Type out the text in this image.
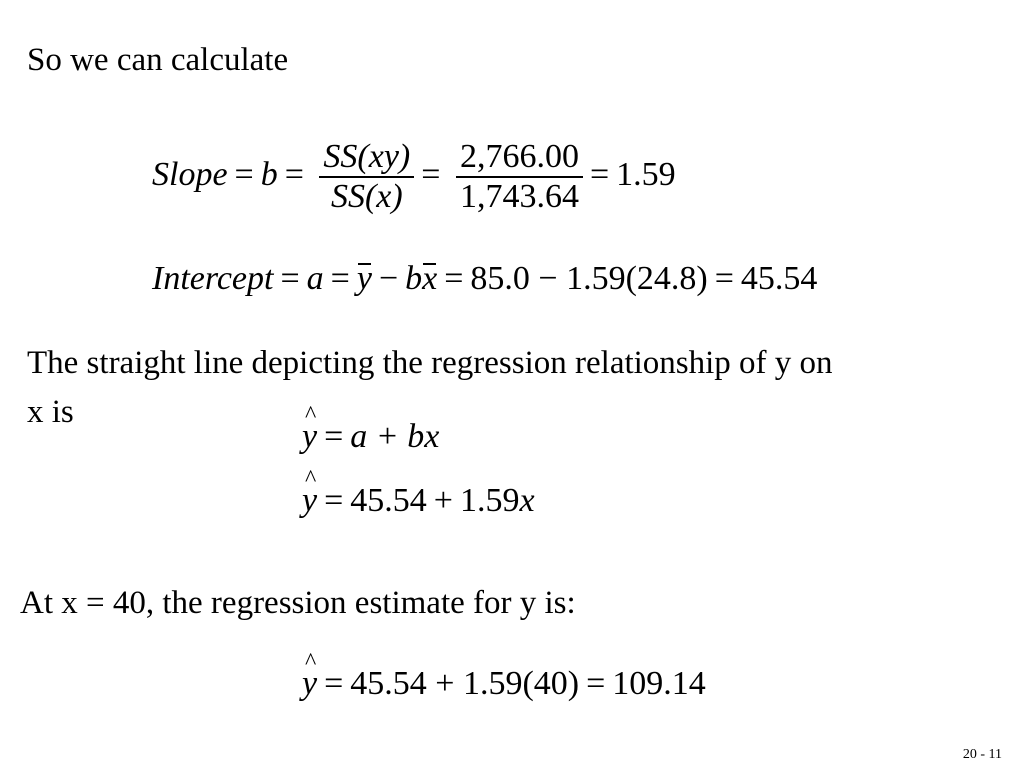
So we can calculate
Slope = $b = \frac{SS(xy)}{SS(x)} = \frac{2,766.00}{1,743.64} = 1.59$
Intercept = a = y − bx = 85.0 − 1.59(24.8) = 45.54
The straight line depicting the regression relationship of y on
x is
^ y = a + bx
^ y = 45.54 + 1.59x
At x = 40, the regression estimate for y is:
^ y = 45.54 + 1.59(40) = 109.14
20 - 11
